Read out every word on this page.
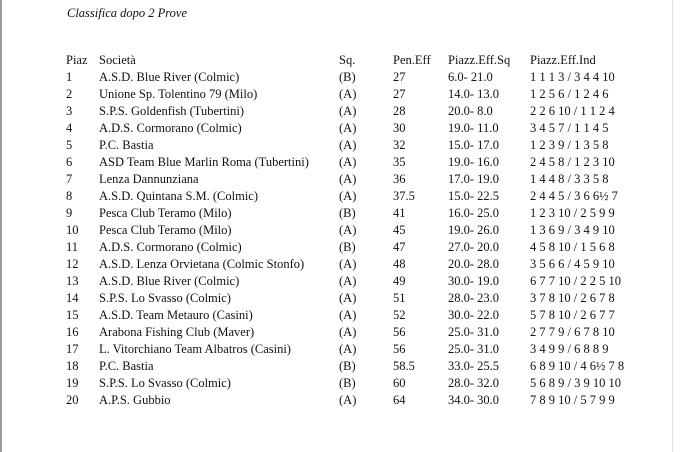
Classifica dopo 2 Prove
Piaz	Società	Sq.	Pen.Eff	Piazz.Eff.Sq	Piazz.Eff.Ind
1	A.S.D. Blue River (Colmic)	(B)	27	6.0- 21.0	1 1 1 3 / 3 4 4 10
2	Unione Sp. Tolentino 79 (Milo)	(A)	27	14.0- 13.0	1 2 5 6 / 1 2 4 6
3	S.P.S. Goldenfish (Tubertini)	(A)	28	20.0- 8.0	2 2 6 10 / 1 1 2 4
4	A.D.S. Cormorano (Colmic)	(A)	30	19.0- 11.0	3 4 5 7 / 1 1 4 5
5	P.C. Bastia	(A)	32	15.0- 17.0	1 2 3 9 / 1 3 5 8
6	ASD Team Blue Marlin Roma (Tubertini)	(A)	35	19.0- 16.0	2 4 5 8 / 1 2 3 10
7	Lenza Dannunziana	(A)	36	17.0- 19.0	1 4 4 8 / 3 3 5 8
8	A.S.D. Quintana S.M. (Colmic)	(A)	37.5	15.0- 22.5	2 4 4 5 / 3 6 6½ 7
9	Pesca Club Teramo (Milo)	(B)	41	16.0- 25.0	1 2 3 10 / 2 5 9 9
10	Pesca Club Teramo (Milo)	(A)	45	19.0- 26.0	1 3 6 9 / 3 4 9 10
11	A.D.S. Cormorano (Colmic)	(B)	47	27.0- 20.0	4 5 8 10 / 1 5 6 8
12	A.S.D. Lenza Orvietana (Colmic Stonfo)	(A)	48	20.0- 28.0	3 5 6 6 / 4 5 9 10
13	A.S.D. Blue River (Colmic)	(A)	49	30.0- 19.0	6 7 7 10 / 2 2 5 10
14	S.P.S. Lo Svasso (Colmic)	(A)	51	28.0- 23.0	3 7 8 10 / 2 6 7 8
15	A.S.D. Team Metauro (Casini)	(A)	52	30.0- 22.0	5 7 8 10 / 2 6 7 7
16	Arabona Fishing Club (Maver)	(A)	56	25.0- 31.0	2 7 7 9 / 6 7 8 10
17	L. Vitorchiano Team Albatros (Casini)	(A)	56	25.0- 31.0	3 4 9 9 / 6 8 8 9
18	P.C. Bastia	(B)	58.5	33.0- 25.5	6 8 9 10 / 4 6½ 7 8
19	S.P.S. Lo Svasso (Colmic)	(B)	60	28.0- 32.0	5 6 8 9 / 3 9 10 10
20	A.P.S. Gubbio	(A)	64	34.0- 30.0	7 8 9 10 / 5 7 9 9
